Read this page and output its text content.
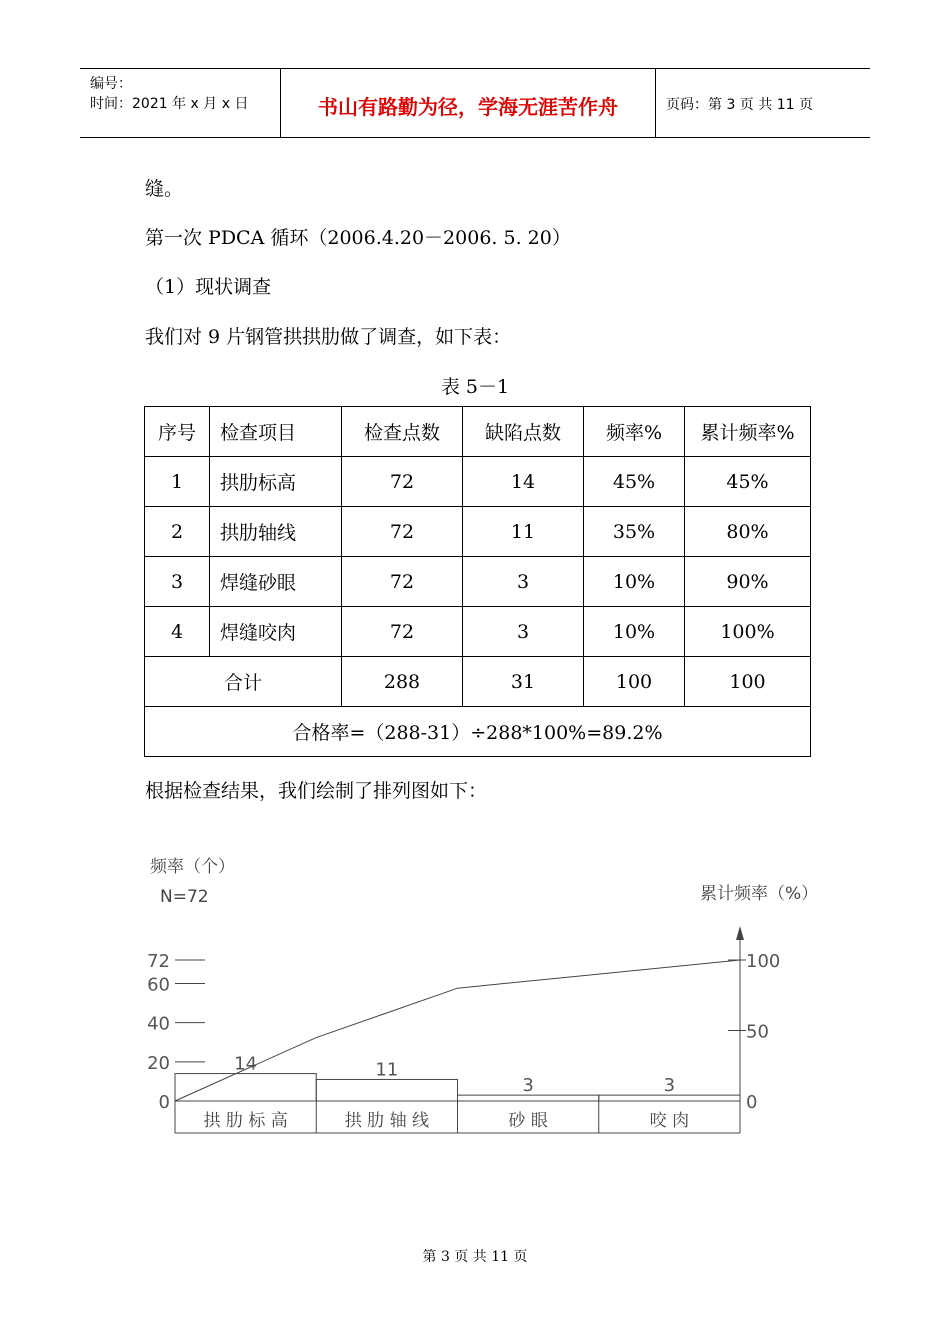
编号：
时间：2021 年 x 月 x 日	书山有路勤为径，学海无涯苦作舟	页码：第 3 页 共 11 页
缝。
第一次 PDCA 循环（2006.4.20－2006. 5. 20）
（1）现状调查
我们对 9 片钢管拱拱肋做了调查，如下表：
表 5－1
序号	检查项目	检查点数	缺陷点数	频率%	累计频率%
1	拱肋标高	72	14	45%	45%
2	拱肋轴线	72	11	35%	80%
3	焊缝砂眼	72	3	10%	90%
4	焊缝咬肉	72	3	10%	100%
合计		288	31	100	100
合格率=（288-31）÷288*100%=89.2%					
根据检查结果，我们绘制了排列图如下：
频率（个）
N=72	累计频率（%）
72
60
40
20
0
100
50
0
14
拱 肋 标 高
11
拱 肋 轴 线
3
砂 眼
3
咬 肉
第 3 页 共 11 页
